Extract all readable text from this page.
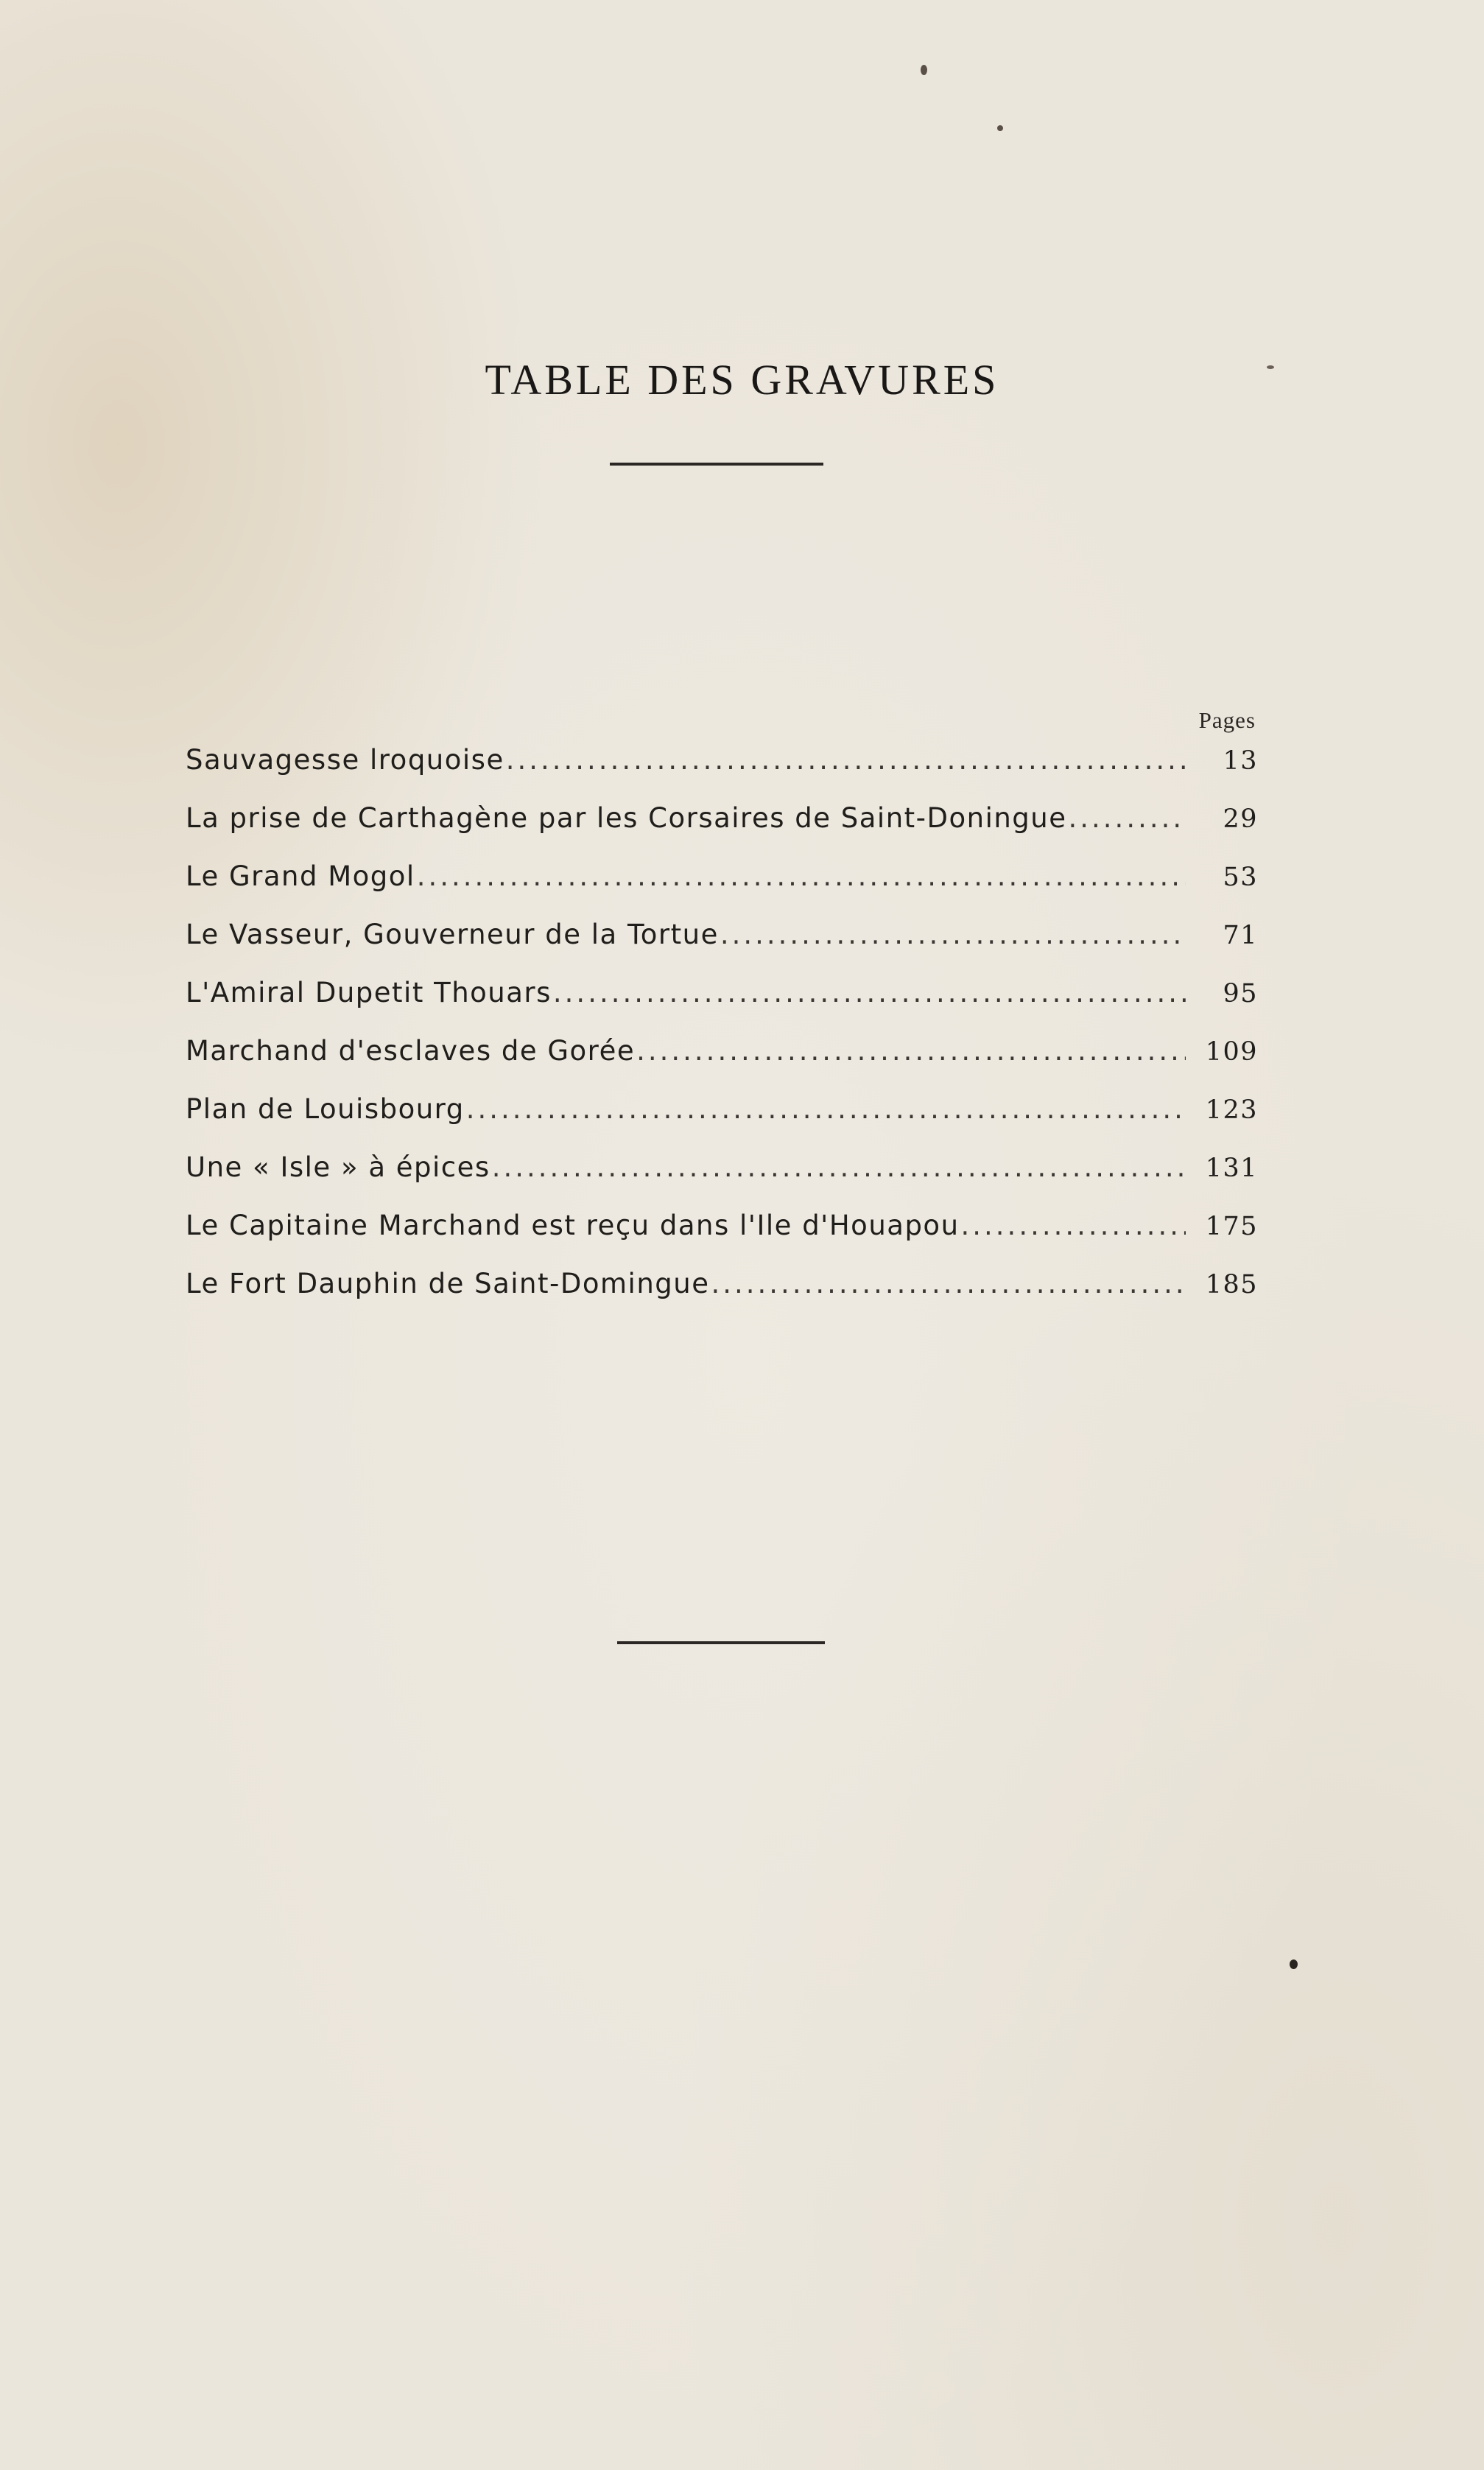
TABLE DES GRAVURES
Pages
Sauvagesse lroquoise .....	13
La prise de Carthagène par les Corsaires de Saint-Doningue .....	29
Le Grand Mogol .....	53
Le Vasseur, Gouverneur de la Tortue .....	71
L'Amiral Dupetit Thouars .....	95
Marchand d'esclaves de Gorée .....	109
Plan de Louisbourg .....	123
Une « Isle » à épices .....	131
Le Capitaine Marchand est reçu dans l'Ile d'Houapou .....	175
Le Fort Dauphin de Saint-Domingue .....	185
